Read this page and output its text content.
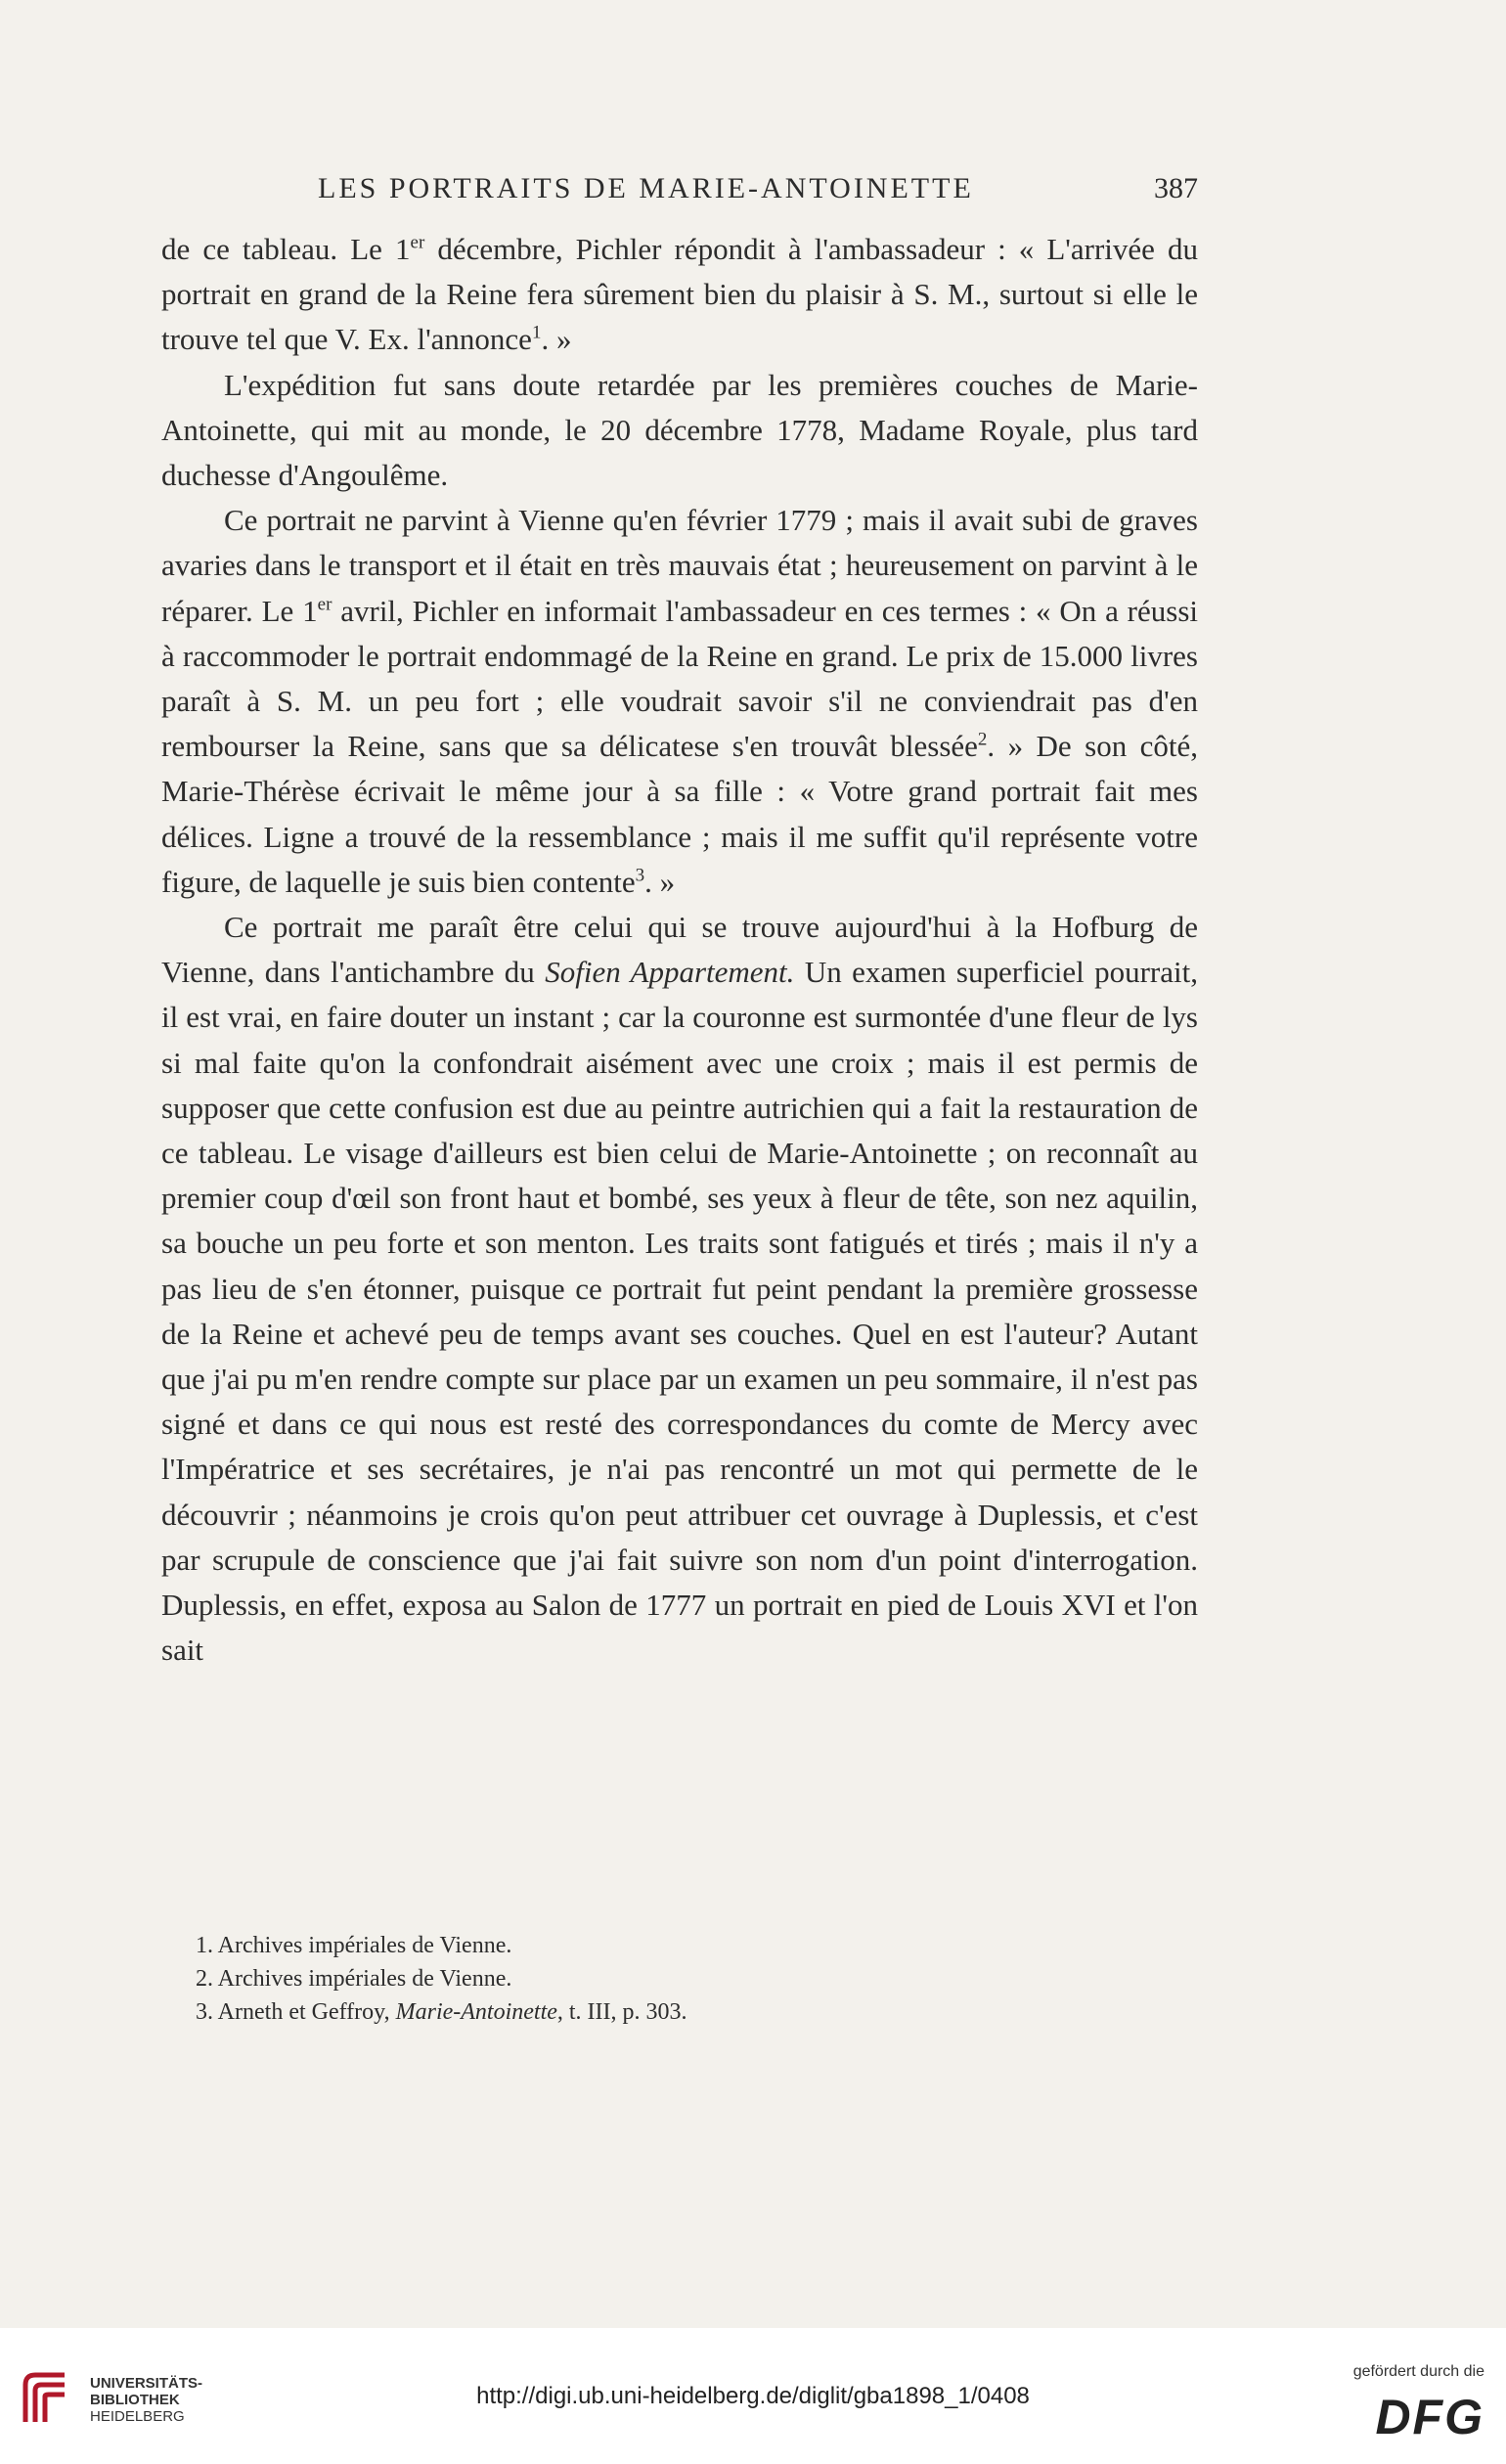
LES PORTRAITS DE MARIE-ANTOINETTE	387

de ce tableau. Le 1er décembre, Pichler répondit à l'ambassadeur : « L'arrivée du portrait en grand de la Reine fera sûrement bien du plaisir à S. M., surtout si elle le trouve tel que V. Ex. l'annonce$^1$. »

L'expédition fut sans doute retardée par les premières couches de Marie-Antoinette, qui mit au monde, le 20 décembre 1778, Madame Royale, plus tard duchesse d'Angoulême.

Ce portrait ne parvint à Vienne qu'en février 1779 ; mais il avait subi de graves avaries dans le transport et il était en très mauvais état ; heureusement on parvint à le réparer. Le 1er avril, Pichler en informait l'ambassadeur en ces termes : « On a réussi à raccommoder le portrait endommagé de la Reine en grand. Le prix de 15.000 livres paraît à S. M. un peu fort ; elle voudrait savoir s'il ne conviendrait pas d'en rembourser la Reine, sans que sa délicatese s'en trouvât blessée$^2$. » De son côté, Marie-Thérèse écrivait le même jour à sa fille : « Votre grand portrait fait mes délices. Ligne a trouvé de la ressemblance ; mais il me suffit qu'il représente votre figure, de laquelle je suis bien contente$^3$. »

Ce portrait me paraît être celui qui se trouve aujourd'hui à la Hofburg de Vienne, dans l'antichambre du Sofien Appartement. Un examen superficiel pourrait, il est vrai, en faire douter un instant ; car la couronne est surmontée d'une fleur de lys si mal faite qu'on la confondrait aisément avec une croix ; mais il est permis de supposer que cette confusion est due au peintre autrichien qui a fait la restauration de ce tableau. Le visage d'ailleurs est bien celui de Marie-Antoinette ; on reconnaît au premier coup d'œil son front haut et bombé, ses yeux à fleur de tête, son nez aquilin, sa bouche un peu forte et son menton. Les traits sont fatigués et tirés ; mais il n'y a pas lieu de s'en étonner, puisque ce portrait fut peint pendant la première grossesse de la Reine et achevé peu de temps avant ses couches. Quel en est l'auteur? Autant que j'ai pu m'en rendre compte sur place par un examen un peu sommaire, il n'est pas signé et dans ce qui nous est resté des correspondances du comte de Mercy avec l'Impératrice et ses secrétaires, je n'ai pas rencontré un mot qui permette de le découvrir ; néanmoins je crois qu'on peut attribuer cet ouvrage à Duplessis, et c'est par scrupule de conscience que j'ai fait suivre son nom d'un point d'interrogation. Duplessis, en effet, exposa au Salon de 1777 un portrait en pied de Louis XVI et l'on sait

1. Archives impériales de Vienne.
2. Archives impériales de Vienne.
3. Arneth et Geffroy, Marie-Antoinette, t. III, p. 303.
UNIVERSITÄTS-
BIBLIOTHEK
HEIDELBERG
http://digi.ub.uni-heidelberg.de/diglit/gba1898_1/0408
gefördert durch die
DFG
